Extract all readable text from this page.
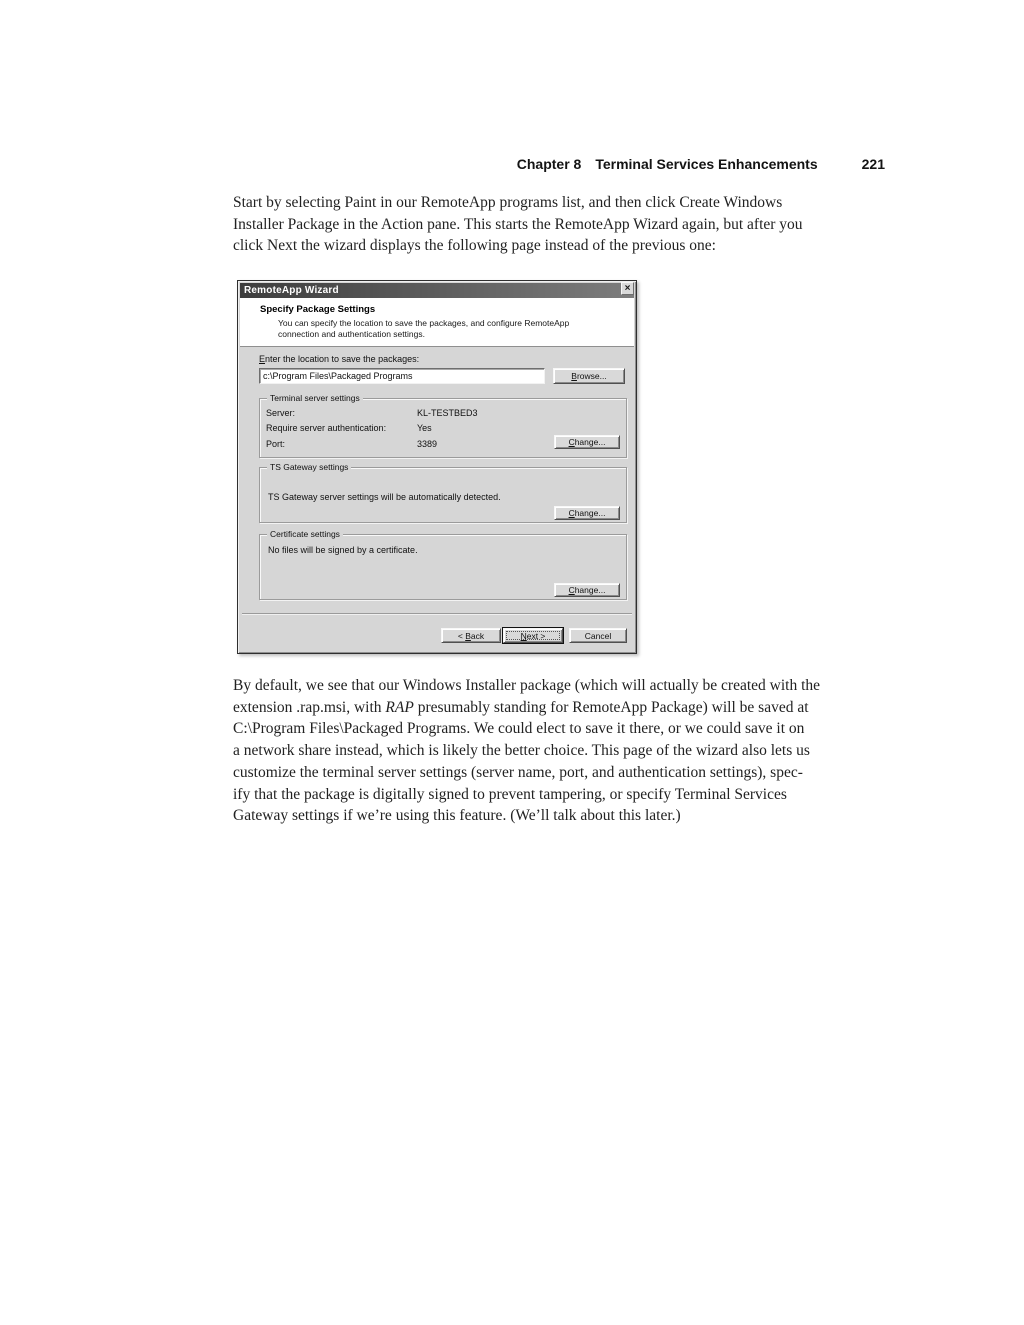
Chapter 8 Terminal Services Enhancements	221
Start by selecting Paint in our RemoteApp programs list, and then click Create Windows
Installer Package in the Action pane. This starts the RemoteApp Wizard again, but after you
click Next the wizard displays the following page instead of the previous one:
RemoteApp Wizard	×
Specify Package Settings
You can specify the location to save the packages, and configure RemoteApp
connection and authentication settings.
Enter the location to save the packages:
c:\Program Files\Packaged Programs	Browse...
Terminal server settings
Server:	KL-TESTBED3
Require server authentication:	Yes
Port:	3389	Change...
TS Gateway settings
TS Gateway server settings will be automatically detected.
Change...
Certificate settings
No files will be signed by a certificate.
Change...
< Back	Next >	Cancel
By default, we see that our Windows Installer package (which will actually be created with the
extension .rap.msi, with RAP presumably standing for RemoteApp Package) will be saved at
C:\Program Files\Packaged Programs. We could elect to save it there, or we could save it on
a network share instead, which is likely the better choice. This page of the wizard also lets us
customize the terminal server settings (server name, port, and authentication settings), spec-
ify that the package is digitally signed to prevent tampering, or specify Terminal Services
Gateway settings if we’re using this feature. (We’ll talk about this later.)
